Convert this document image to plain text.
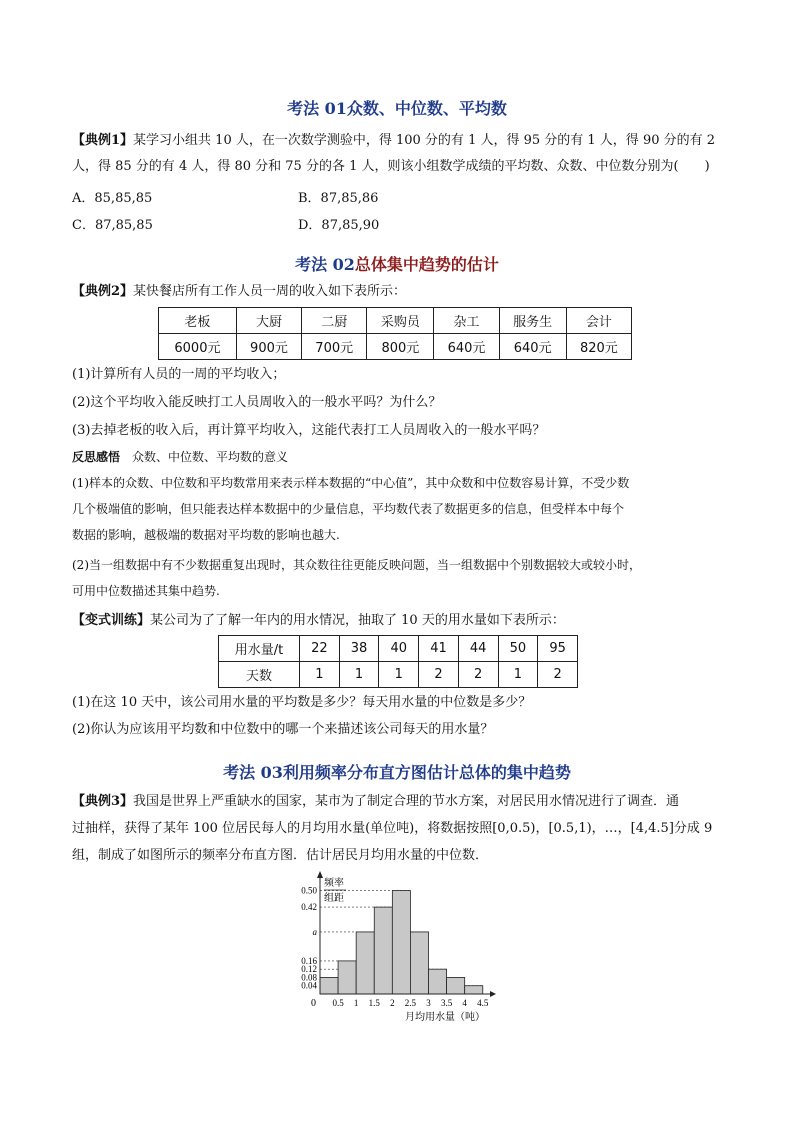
考法 01众数、中位数、平均数
【典例1】某学习小组共 10 人，在一次数学测验中，得 100 分的有 1 人，得 95 分的有 1 人，得 90 分的有 2
人，得 85 分的有 4 人，得 80 分和 75 分的各 1 人，则该小组数学成绩的平均数、众数、中位数分别为(　　)
A．85,85,85	B．87,85,86
C．87,85,85	D．87,85,90
考法 02总体集中趋势的估计
【典例2】某快餐店所有工作人员一周的收入如下表所示：
老板	大厨	二厨	采购员	杂工	服务生	会计
6000元	900元	700元	800元	640元	640元	820元
(1)计算所有人员的一周的平均收入；
(2)这个平均收入能反映打工人员周收入的一般水平吗？为什么？
(3)去掉老板的收入后，再计算平均收入，这能代表打工人员周收入的一般水平吗？
反思感悟　 众数、中位数、平均数的意义
(1)样本的众数、中位数和平均数常用来表示样本数据的“中心值”，其中众数和中位数容易计算，不受少数
几个极端值的影响，但只能表达样本数据中的少量信息，平均数代表了数据更多的信息，但受样本中每个
数据的影响，越极端的数据对平均数的影响也越大.
(2)当一组数据中有不少数据重复出现时，其众数往往更能反映问题，当一组数据中个别数据较大或较小时，
可用中位数描述其集中趋势.
【变式训练】某公司为了了解一年内的用水情况，抽取了 10 天的用水量如下表所示：
用水量/t	22	38	40	41	44	50	95
天数	1	1	1	2	2	1	2
(1)在这 10 天中，该公司用水量的平均数是多少？每天用水量的中位数是多少？
(2)你认为应该用平均数和中位数中的哪一个来描述该公司每天的用水量？
考法 03利用频率分布直方图估计总体的集中趋势
【典例3】我国是世界上严重缺水的国家，某市为了制定合理的节水方案，对居民用水情况进行了调查．通
过抽样，获得了某年 100 位居民每人的月均用水量(单位吨)，将数据按照[0,0.5)，[0.5,1)，…，[4,4.5]分成 9
组，制成了如图所示的频率分布直方图．估计居民月均用水量的中位数．
0.04
0.08
0.12
0.16
a
0.42
0.50
0.5 1 1.5 2 2.5 3 3.5 4 4.5
频率
组距
0
月均用水量（吨）
